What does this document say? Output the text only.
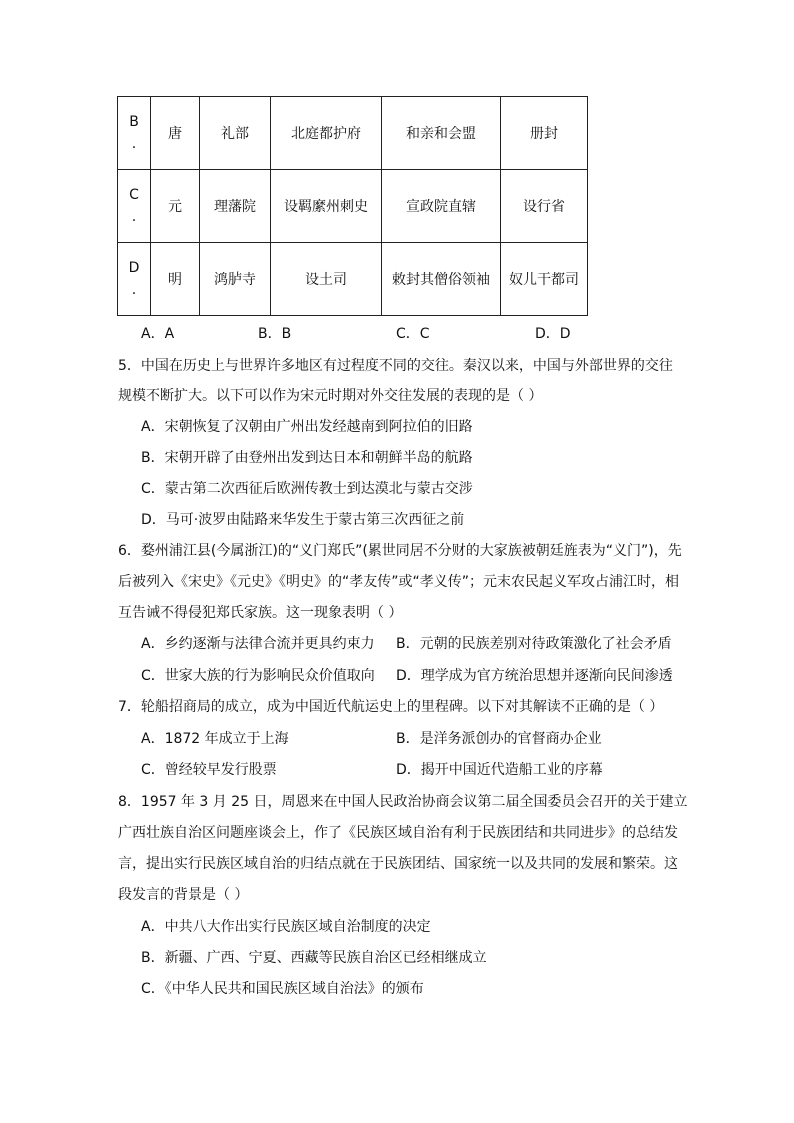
B
.	唐	礼部	北庭都护府	和亲和会盟	册封
C
.	元	理藩院	设羁縻州刺史	宣政院直辖	设行省
D
.	明	鸿胪寺	设土司	敕封其僧俗领袖	奴儿干都司
A．A	B．B	C．C	D．D
5．中国在历史上与世界许多地区有过程度不同的交往。秦汉以来，中国与外部世界的交往
规模不断扩大。以下可以作为宋元时期对外交往发展的表现的是（ ）
A．宋朝恢复了汉朝由广州出发经越南到阿拉伯的旧路
B．宋朝开辟了由登州出发到达日本和朝鲜半岛的航路
C．蒙古第二次西征后欧洲传教士到达漠北与蒙古交涉
D．马可·波罗由陆路来华发生于蒙古第三次西征之前
6．婺州浦江县(今属浙江)的“义门郑氏”(累世同居不分财的大家族被朝廷旌表为“义门”)，先
后被列入《宋史》《元史》《明史》的“孝友传”或“孝义传”；元末农民起义军攻占浦江时，相
互告诫不得侵犯郑氏家族。这一现象表明（ ）
A．乡约逐渐与法律合流并更具约束力 B．元朝的民族差别对待政策激化了社会矛盾
C．世家大族的行为影响民众价值取向 D．理学成为官方统治思想并逐渐向民间渗透
7．轮船招商局的成立，成为中国近代航运史上的里程碑。以下对其解读不正确的是（ ）
A．1872 年成立于上海	B．是洋务派创办的官督商办企业
C．曾经较早发行股票	D．揭开中国近代造船工业的序幕
8．1957 年 3 月 25 日，周恩来在中国人民政治协商会议第二届全国委员会召开的关于建立
广西壮族自治区问题座谈会上，作了《民族区域自治有利于民族团结和共同进步》的总结发
言，提出实行民族区域自治的归结点就在于民族团结、国家统一以及共同的发展和繁荣。这
段发言的背景是（ ）
A．中共八大作出实行民族区域自治制度的决定
B．新疆、广西、宁夏、西藏等民族自治区已经相继成立
C．《中华人民共和国民族区域自治法》的颁布
